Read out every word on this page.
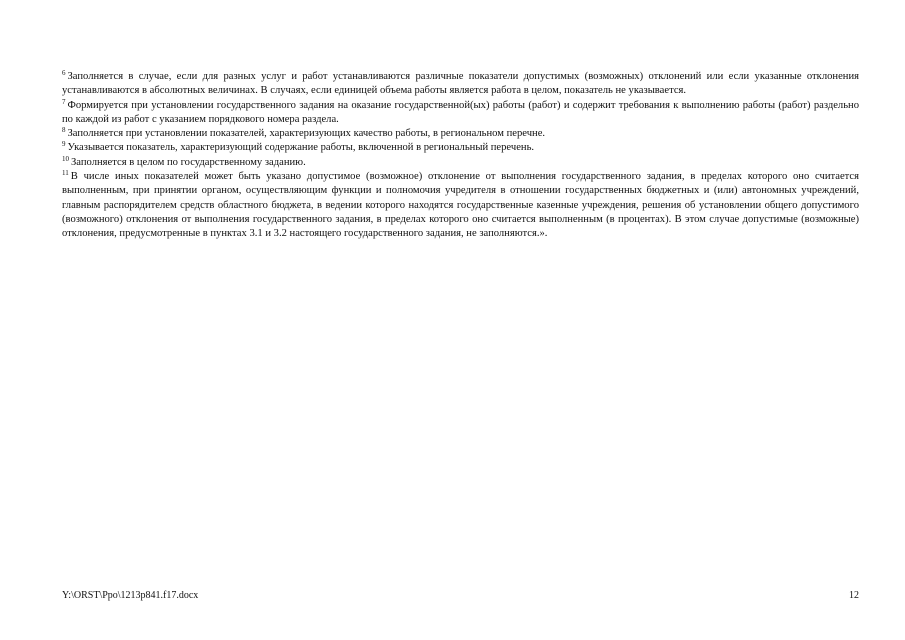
$^6$ Заполняется в случае, если для разных услуг и работ устанавливаются различные показатели допустимых (возможных) отклонений или если указанные отклонения устанавливаются в абсолютных величинах. В случаях, если единицей объема работы является работа в целом, показатель не указывается.

$^7$ Формируется при установлении государственного задания на оказание государственной(ых) работы (работ) и содержит требования к выполнению работы (работ) раздельно по каждой из работ с указанием порядкового номера раздела.

$^8$ Заполняется при установлении показателей, характеризующих качество работы, в региональном перечне.

$^9$ Указывается показатель, характеризующий содержание работы, включенной в региональный перечень.

$^{10}$ Заполняется в целом по государственному заданию.

$^{11}$ В числе иных показателей может быть указано допустимое (возможное) отклонение от выполнения государственного задания, в пределах которого оно считается выполненным, при принятии органом, осуществляющим функции и полномочия учредителя в отношении государственных бюджетных и (или) автономных учреждений, главным распорядителем средств областного бюджета, в ведении которого находятся государственные казенные учреждения, решения об установлении общего допустимого (возможного) отклонения от выполнения государственного задания, в пределах которого оно считается выполненным (в процентах). В этом случае допустимые (возможные) отклонения, предусмотренные в пунктах 3.1 и 3.2 настоящего государственного задания, не заполняются.».

Y:\ORST\Ppo\1213p841.f17.docx	12
